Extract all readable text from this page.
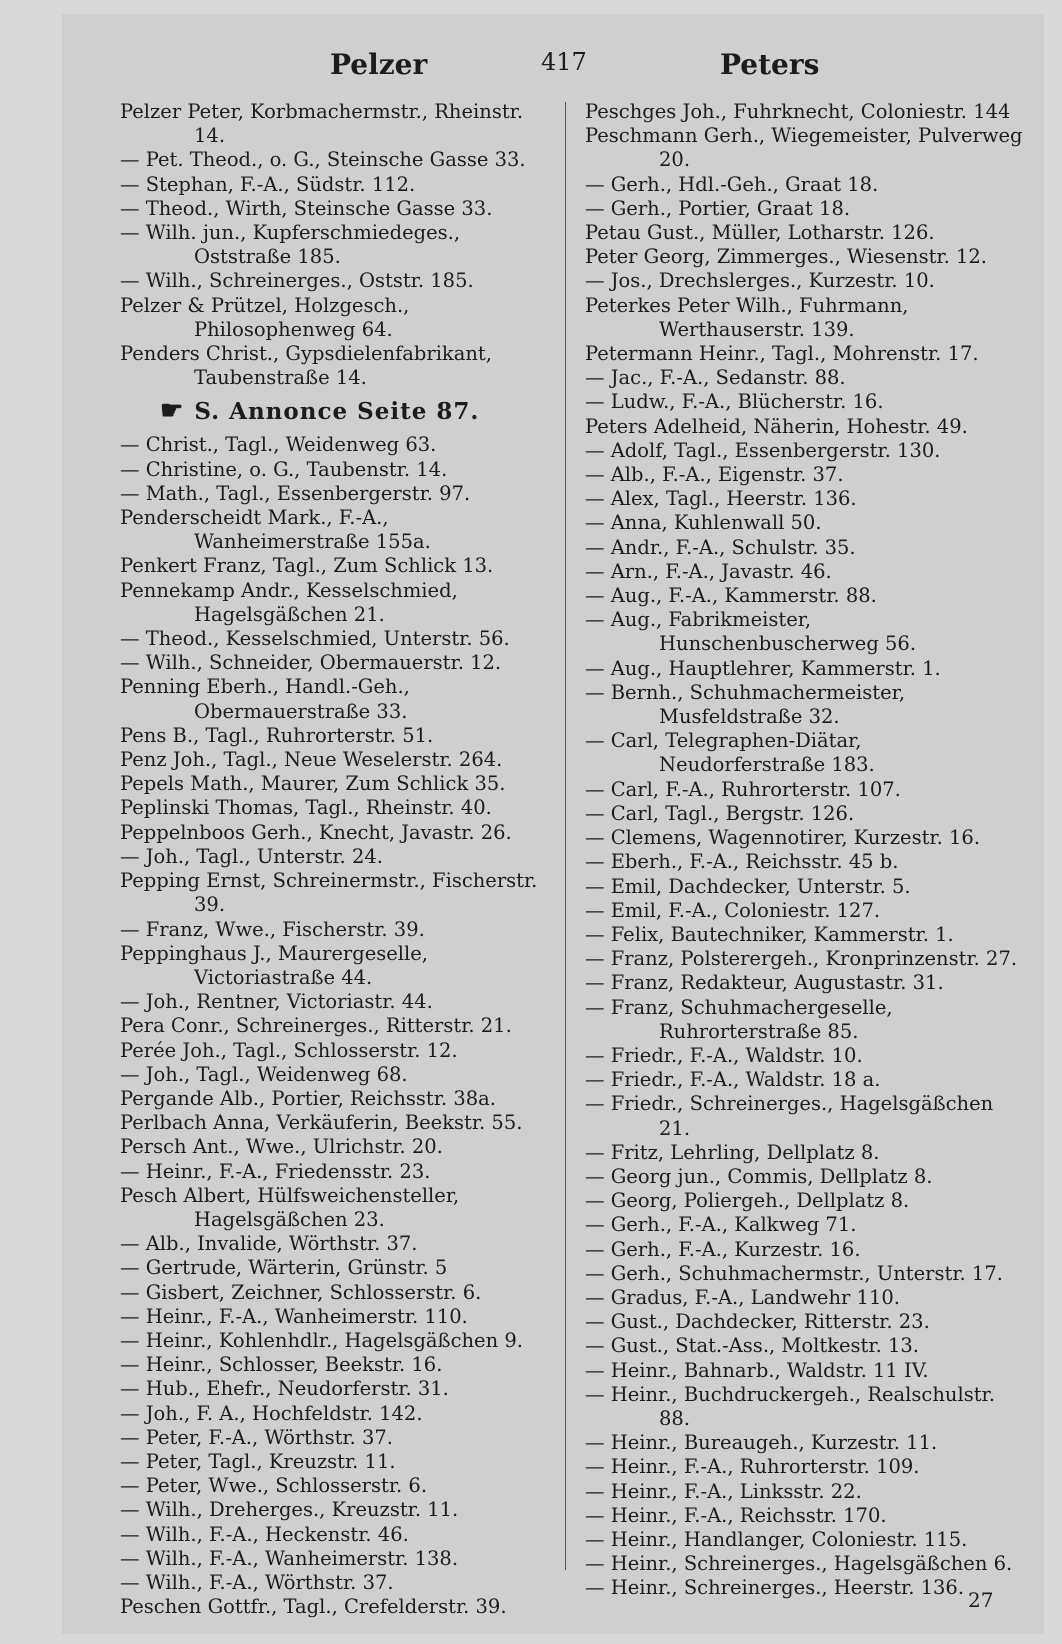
Pelzer	417	Peters
Pelzer Peter, Korbmachermstr., Rheinstr. 14.
— Pet. Theod., o. G., Steinsche Gasse 33.
— Stephan, F.-A., Südstr. 112.
— Theod., Wirth, Steinsche Gasse 33.
— Wilh. jun., Kupferschmiedeges., Oststraße 185.
— Wilh., Schreinerges., Oststr. 185.
Pelzer & Prützel, Holzgesch., Philosophenweg 64.
Penders Christ., Gypsdielenfabrikant, Taubenstraße 14.
☛ S. Annonce Seite 87.
— Christ., Tagl., Weidenweg 63.
— Christine, o. G., Taubenstr. 14.
— Math., Tagl., Essenbergerstr. 97.
Penderscheidt Mark., F.-A., Wanheimerstraße 155a.
Penkert Franz, Tagl., Zum Schlick 13.
Pennekamp Andr., Kesselschmied, Hagelsgäßchen 21.
— Theod., Kesselschmied, Unterstr. 56.
— Wilh., Schneider, Obermauerstr. 12.
Penning Eberh., Handl.-Geh., Obermauerstraße 33.
Pens B., Tagl., Ruhrorterstr. 51.
Penz Joh., Tagl., Neue Weselerstr. 264.
Pepels Math., Maurer, Zum Schlick 35.
Peplinski Thomas, Tagl., Rheinstr. 40.
Peppelnboos Gerh., Knecht, Javastr. 26.
— Joh., Tagl., Unterstr. 24.
Pepping Ernst, Schreinermstr., Fischerstr. 39.
— Franz, Wwe., Fischerstr. 39.
Peppinghaus J., Maurergeselle, Victoriastraße 44.
— Joh., Rentner, Victoriastr. 44.
Pera Conr., Schreinerges., Ritterstr. 21.
Perée Joh., Tagl., Schlosserstr. 12.
— Joh., Tagl., Weidenweg 68.
Pergande Alb., Portier, Reichsstr. 38a.
Perlbach Anna, Verkäuferin, Beekstr. 55.
Persch Ant., Wwe., Ulrichstr. 20.
— Heinr., F.-A., Friedensstr. 23.
Pesch Albert, Hülfsweichensteller, Hagelsgäßchen 23.
— Alb., Invalide, Wörthstr. 37.
— Gertrude, Wärterin, Grünstr. 5
— Gisbert, Zeichner, Schlosserstr. 6.
— Heinr., F.-A., Wanheimerstr. 110.
— Heinr., Kohlenhdlr., Hagelsgäßchen 9.
— Heinr., Schlosser, Beekstr. 16.
— Hub., Ehefr., Neudorferstr. 31.
— Joh., F. A., Hochfeldstr. 142.
— Peter, F.-A., Wörthstr. 37.
— Peter, Tagl., Kreuzstr. 11.
— Peter, Wwe., Schlosserstr. 6.
— Wilh., Dreherges., Kreuzstr. 11.
— Wilh., F.-A., Heckenstr. 46.
— Wilh., F.-A., Wanheimerstr. 138.
— Wilh., F.-A., Wörthstr. 37.
Peschen Gottfr., Tagl., Crefelderstr. 39.
Peschges Joh., Fuhrknecht, Coloniestr. 144
Peschmann Gerh., Wiegemeister, Pulverweg 20.
— Gerh., Hdl.-Geh., Graat 18.
— Gerh., Portier, Graat 18.
Petau Gust., Müller, Lotharstr. 126.
Peter Georg, Zimmerges., Wiesenstr. 12.
— Jos., Drechslerges., Kurzestr. 10.
Peterkes Peter Wilh., Fuhrmann, Werthauserstr. 139.
Petermann Heinr., Tagl., Mohrenstr. 17.
— Jac., F.-A., Sedanstr. 88.
— Ludw., F.-A., Blücherstr. 16.
Peters Adelheid, Näherin, Hohestr. 49.
— Adolf, Tagl., Essenbergerstr. 130.
— Alb., F.-A., Eigenstr. 37.
— Alex, Tagl., Heerstr. 136.
— Anna, Kuhlenwall 50.
— Andr., F.-A., Schulstr. 35.
— Arn., F.-A., Javastr. 46.
— Aug., F.-A., Kammerstr. 88.
— Aug., Fabrikmeister, Hunschenbuscherweg 56.
— Aug., Hauptlehrer, Kammerstr. 1.
— Bernh., Schuhmachermeister, Musfeldstraße 32.
— Carl, Telegraphen-Diätar, Neudorferstraße 183.
— Carl, F.-A., Ruhrorterstr. 107.
— Carl, Tagl., Bergstr. 126.
— Clemens, Wagennotirer, Kurzestr. 16.
— Eberh., F.-A., Reichsstr. 45 b.
— Emil, Dachdecker, Unterstr. 5.
— Emil, F.-A., Coloniestr. 127.
— Felix, Bautechniker, Kammerstr. 1.
— Franz, Polsterergeh., Kronprinzenstr. 27.
— Franz, Redakteur, Augustastr. 31.
— Franz, Schuhmachergeselle, Ruhrorterstraße 85.
— Friedr., F.-A., Waldstr. 10.
— Friedr., F.-A., Waldstr. 18 a.
— Friedr., Schreinerges., Hagelsgäßchen 21.
— Fritz, Lehrling, Dellplatz 8.
— Georg jun., Commis, Dellplatz 8.
— Georg, Poliergeh., Dellplatz 8.
— Gerh., F.-A., Kalkweg 71.
— Gerh., F.-A., Kurzestr. 16.
— Gerh., Schuhmachermstr., Unterstr. 17.
— Gradus, F.-A., Landwehr 110.
— Gust., Dachdecker, Ritterstr. 23.
— Gust., Stat.-Ass., Moltkestr. 13.
— Heinr., Bahnarb., Waldstr. 11 IV.
— Heinr., Buchdruckergeh., Realschulstr. 88.
— Heinr., Bureaugeh., Kurzestr. 11.
— Heinr., F.-A., Ruhrorterstr. 109.
— Heinr., F.-A., Linksstr. 22.
— Heinr., F.-A., Reichsstr. 170.
— Heinr., Handlanger, Coloniestr. 115.
— Heinr., Schreinerges., Hagelsgäßchen 6.
— Heinr., Schreinerges., Heerstr. 136.
27
